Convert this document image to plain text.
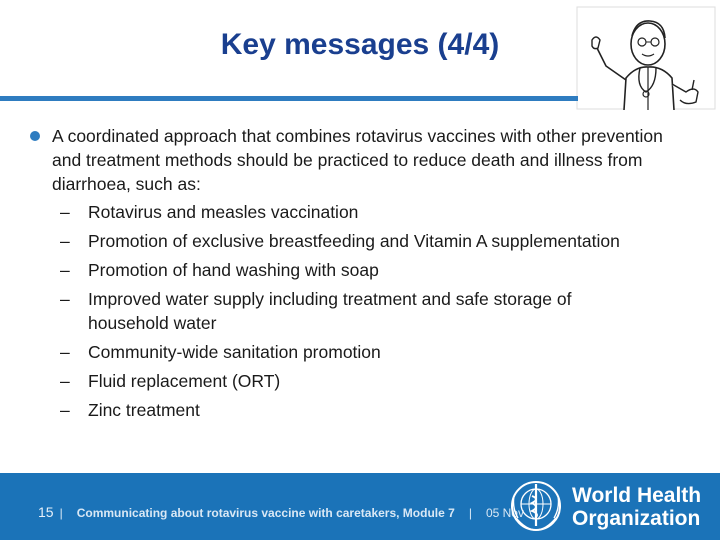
Key messages (4/4)
A coordinated approach that combines rotavirus vaccines with other prevention and treatment methods should be practiced to reduce death and illness from diarrhoea, such as:
– Rotavirus and measles vaccination
– Promotion of exclusive breastfeeding and Vitamin A supplementation
– Promotion of hand washing with soap
– Improved water supply including treatment and safe storage of household water
– Community-wide sanitation promotion
– Fluid replacement (ORT)
– Zinc treatment
15 | Communicating about rotavirus vaccine with caretakers, Module 7 | 05 Nov
World Health
Organization
